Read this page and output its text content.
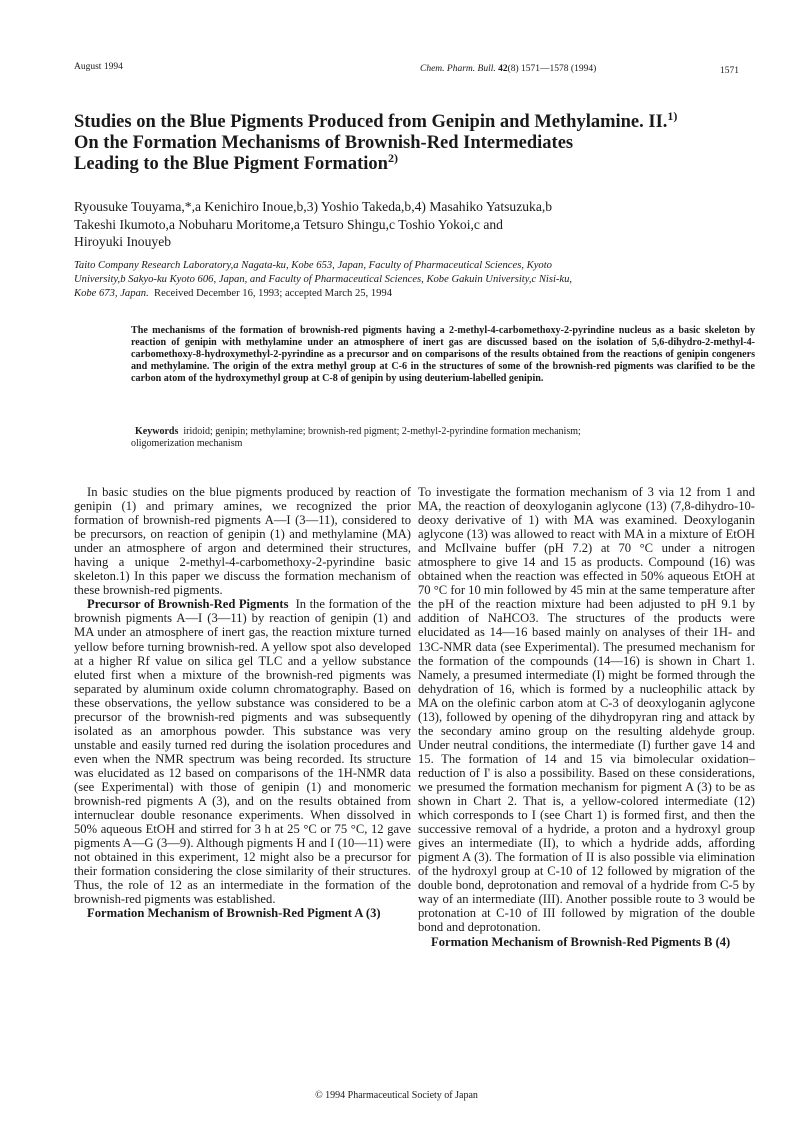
August 1994	Chem. Pharm. Bull. 42(8) 1571—1578 (1994)	1571
Studies on the Blue Pigments Produced from Genipin and Methylamine. II.$^{1)}$
On the Formation Mechanisms of Brownish-Red Intermediates
Leading to the Blue Pigment Formation$^{2)}$
Ryousuke Touyama,*,a Kenichiro Inoue,b,3) Yoshio Takeda,b,4) Masahiko Yatsuzuka,b
Takeshi Ikumoto,a Nobuharu Moritome,a Tetsuro Shingu,c Toshio Yokoi,c and
Hiroyuki Inouyeb
Taito Company Research Laboratory,a Nagata-ku, Kobe 653, Japan, Faculty of Pharmaceutical Sciences, Kyoto
University,b Sakyo-ku Kyoto 606, Japan, and Faculty of Pharmaceutical Sciences, Kobe Gakuin University,c Nisi-ku,
Kobe 673, Japan. Received December 16, 1993; accepted March 25, 1994
The mechanisms of the formation of brownish-red pigments having a 2-methyl-4-carbomethoxy-2-pyrindine nucleus as a basic skeleton by reaction of genipin with methylamine under an atmosphere of inert gas are discussed based on the isolation of 5,6-dihydro-2-methyl-4-carbomethoxy-8-hydroxymethyl-2-pyrindine as a precursor and on comparisons of the results obtained from the reactions of genipin congeners and methylamine. The origin of the extra methyl group at C-6 in the structures of some of the brownish-red pigments was clarified to be the carbon atom of the hydroxymethyl group at C-8 of genipin by using deuterium-labelled genipin.
Keywords iridoid; genipin; methylamine; brownish-red pigment; 2-methyl-2-pyrindine formation mechanism;
oligomerization mechanism

In basic studies on the blue pigments produced by reaction of genipin (1) and primary amines, we recognized the prior formation of brownish-red pigments A—I (3—11), considered to be precursors, on reaction of genipin (1) and methylamine (MA) under an atmosphere of argon and determined their structures, having a unique 2-methyl-4-carbomethoxy-2-pyrindine basic skeleton.1) In this paper we discuss the formation mechanism of these brownish-red pigments.

Precursor of Brownish-Red Pigments In the formation of the brownish pigments A—I (3—11) by reaction of genipin (1) and MA under an atmosphere of inert gas, the reaction mixture turned yellow before turning brownish-red. A yellow spot also developed at a higher Rf value on silica gel TLC and a yellow substance eluted first when a mixture of the brownish-red pigments was separated by aluminum oxide column chromatography. Based on these observations, the yellow substance was considered to be a precursor of the brownish-red pigments and was subsequently isolated as an amorphous powder. This substance was very unstable and easily turned red during the isolation procedures and even when the NMR spectrum was being recorded. Its structure was elucidated as 12 based on comparisons of the 1H-NMR data (see Experimental) with those of genipin (1) and monomeric brownish-red pigments A (3), and on the results obtained from internuclear double resonance experiments. When dissolved in 50% aqueous EtOH and stirred for 3 h at 25 °C or 75 °C, 12 gave pigments A—G (3—9). Although pigments H and I (10—11) were not obtained in this experiment, 12 might also be a precursor for their formation considering the close similarity of their structures. Thus, the role of 12 as an intermediate in the formation of the brownish-red pigments was established.

Formation Mechanism of Brownish-Red Pigment A (3)

To investigate the formation mechanism of 3 via 12 from 1 and MA, the reaction of deoxyloganin aglycone (13) (7,8-dihydro-10-deoxy derivative of 1) with MA was examined. Deoxyloganin aglycone (13) was allowed to react with MA in a mixture of EtOH and McIlvaine buffer (pH 7.2) at 70 °C under a nitrogen atmosphere to give 14 and 15 as products. Compound (16) was obtained when the reaction was effected in 50% aqueous EtOH at 70 °C for 10 min followed by 45 min at the same temperature after the pH of the reaction mixture had been adjusted to pH 9.1 by addition of NaHCO3. The structures of the products were elucidated as 14—16 based mainly on analyses of their 1H- and 13C-NMR data (see Experimental). The presumed mechanism for the formation of the compounds (14—16) is shown in Chart 1. Namely, a presumed intermediate (I) might be formed through the dehydration of 16, which is formed by a nucleophilic attack by MA on the olefinic carbon atom at C-3 of deoxyloganin aglycone (13), followed by opening of the dihydropyran ring and attack by the secondary amino group on the resulting aldehyde group. Under neutral conditions, the intermediate (I) further gave 14 and 15. The formation of 14 and 15 via bimolecular oxidation–reduction of I' is also a possibility. Based on these considerations, we presumed the formation mechanism for pigment A (3) to be as shown in Chart 2. That is, a yellow-colored intermediate (12) which corresponds to I (see Chart 1) is formed first, and then the successive removal of a hydride, a proton and a hydroxyl group gives an intermediate (II), to which a hydride adds, affording pigment A (3). The formation of II is also possible via elimination of the hydroxyl group at C-10 of 12 followed by migration of the double bond, deprotonation and removal of a hydride from C-5 by way of an intermediate (III). Another possible route to 3 would be protonation at C-10 of III followed by migration of the double bond and deprotonation.

Formation Mechanism of Brownish-Red Pigments B (4)

© 1994 Pharmaceutical Society of Japan
